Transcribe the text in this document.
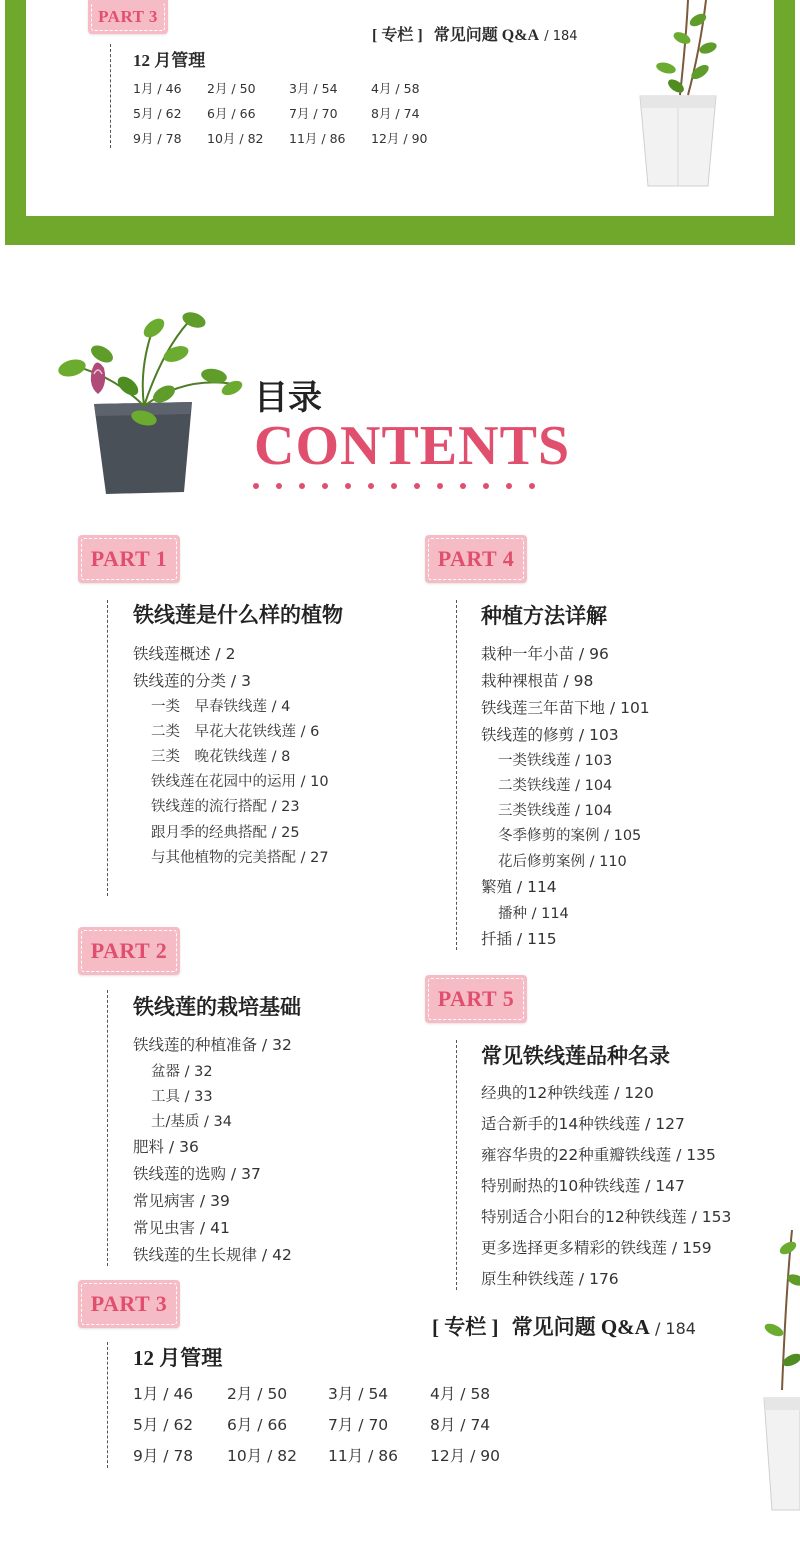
PART 3
12 月管理
1月 / 46 2月 / 50	3月 / 54	4月 / 58
5月 / 62 6月 / 66	7月 / 70	8月 / 74
9月 / 78 10月 / 82 11月 / 86 12月 / 90
[ 专栏 ] 常见问题 Q&A / 184
目录
CONTENTS
PART 1
铁线莲是什么样的植物
铁线莲概述 / 2
铁线莲的分类 / 3
一类　早春铁线莲 / 4
二类　早花大花铁线莲 / 6
三类　晚花铁线莲 / 8
铁线莲在花园中的运用 / 10
铁线莲的流行搭配 / 23
跟月季的经典搭配 / 25
与其他植物的完美搭配 / 27
PART 2
铁线莲的栽培基础
铁线莲的种植准备 / 32
盆器 / 32
工具 / 33
土/基质 / 34
肥料 / 36
铁线莲的选购 / 37
常见病害 / 39
常见虫害 / 41
铁线莲的生长规律 / 42
PART 3
12 月管理
1月 / 46 2月 / 50	3月 / 54	4月 / 58
5月 / 62 6月 / 66	7月 / 70	8月 / 74
9月 / 78 10月 / 82 11月 / 86 12月 / 90
PART 4
种植方法详解
栽种一年小苗 / 96
栽种裸根苗 / 98
铁线莲三年苗下地 / 101
铁线莲的修剪 / 103
一类铁线莲 / 103
二类铁线莲 / 104
三类铁线莲 / 104
冬季修剪的案例 / 105
花后修剪案例 / 110
繁殖 / 114
播种 / 114
扦插 / 115
PART 5
常见铁线莲品种名录
经典的12种铁线莲 / 120
适合新手的14种铁线莲 / 127
雍容华贵的22种重瓣铁线莲 / 135
特别耐热的10种铁线莲 / 147
特别适合小阳台的12种铁线莲 / 153
更多选择更多精彩的铁线莲 / 159
原生种铁线莲 / 176
[ 专栏 ] 常见问题 Q&A / 184
